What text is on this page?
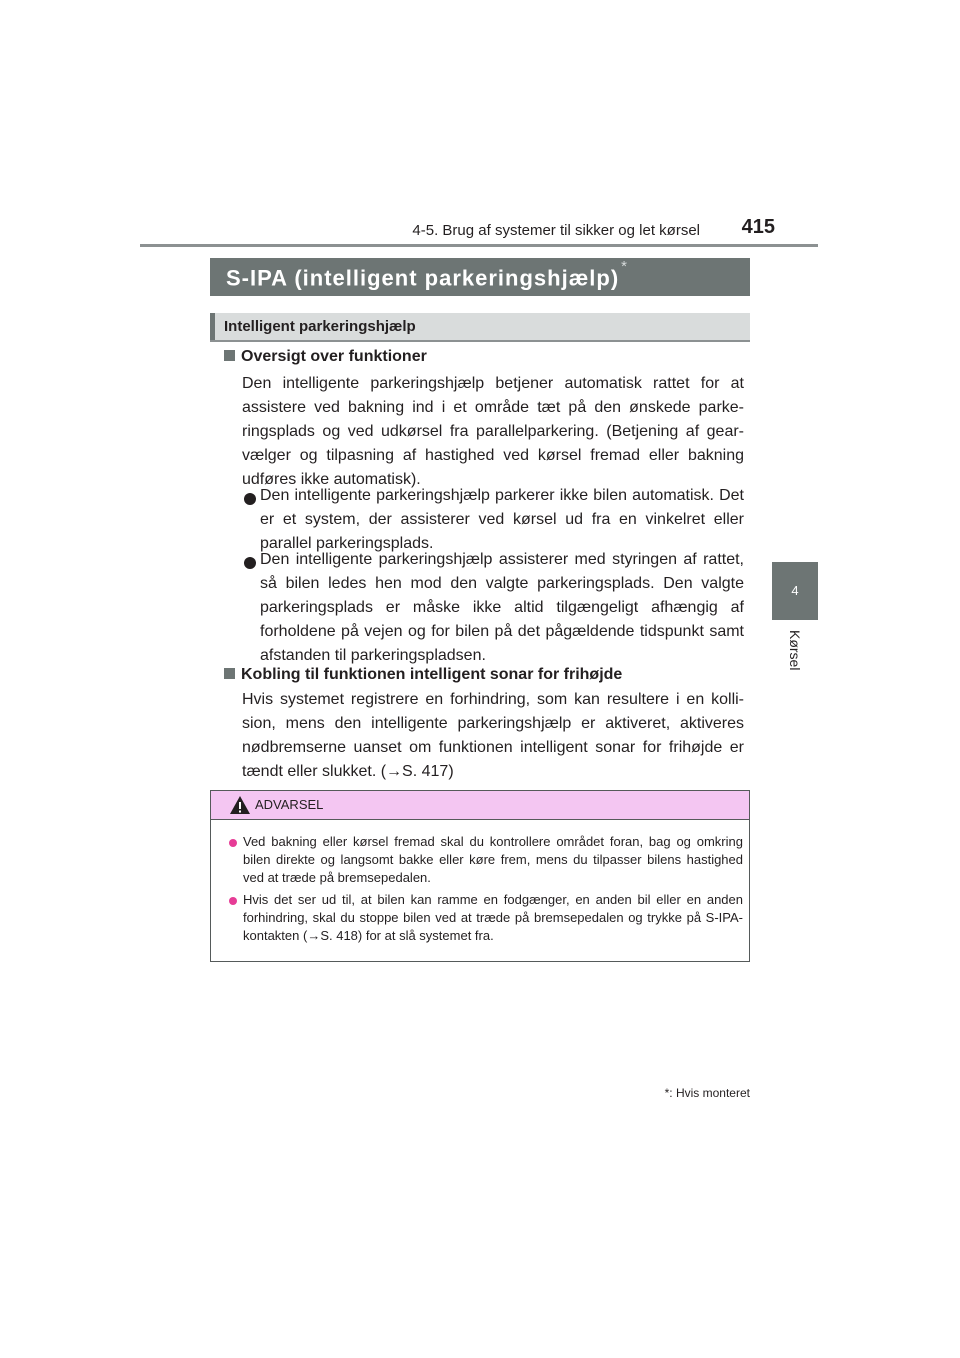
4-5. Brug af systemer til sikker og let kørsel	415
4
Kørsel
S-IPA (intelligent parkeringshjælp) *
Intelligent parkeringshjælp
Oversigt over funktioner
Den intelligente parkeringshjælp betjener automatisk rattet for at assistere ved bakning ind i et område tæt på den ønskede parke-ringsplads og ved udkørsel fra parallelparkering. (Betjening af gear-vælger og tilpasning af hastighed ved kørsel fremad eller bakning udføres ikke automatisk).
Den intelligente parkeringshjælp parkerer ikke bilen automatisk. Det er et system, der assisterer ved kørsel ud fra en vinkelret eller parallel parkeringsplads.
Den intelligente parkeringshjælp assisterer med styringen af rattet, så bilen ledes hen mod den valgte parkeringsplads. Den valgte parkeringsplads er måske ikke altid tilgængeligt afhængig af forholdene på vejen og for bilen på det pågældende tidspunkt samt afstanden til parkeringspladsen.
Kobling til funktionen intelligent sonar for frihøjde
Hvis systemet registrere en forhindring, som kan resultere i en kolli-sion, mens den intelligente parkeringshjælp er aktiveret, aktiveres nødbremserne uanset om funktionen intelligent sonar for frihøjde er tændt eller slukket. (→S. 417)
ADVARSEL
Ved bakning eller kørsel fremad skal du kontrollere området foran, bag og omkring bilen direkte og langsomt bakke eller køre frem, mens du tilpasser bilens hastighed ved at træde på bremsepedalen.
Hvis det ser ud til, at bilen kan ramme en fodgænger, en anden bil eller en anden forhindring, skal du stoppe bilen ved at træde på bremsepedalen og trykke på S-IPA-kontakten (→S. 418) for at slå systemet fra.
*: Hvis monteret
